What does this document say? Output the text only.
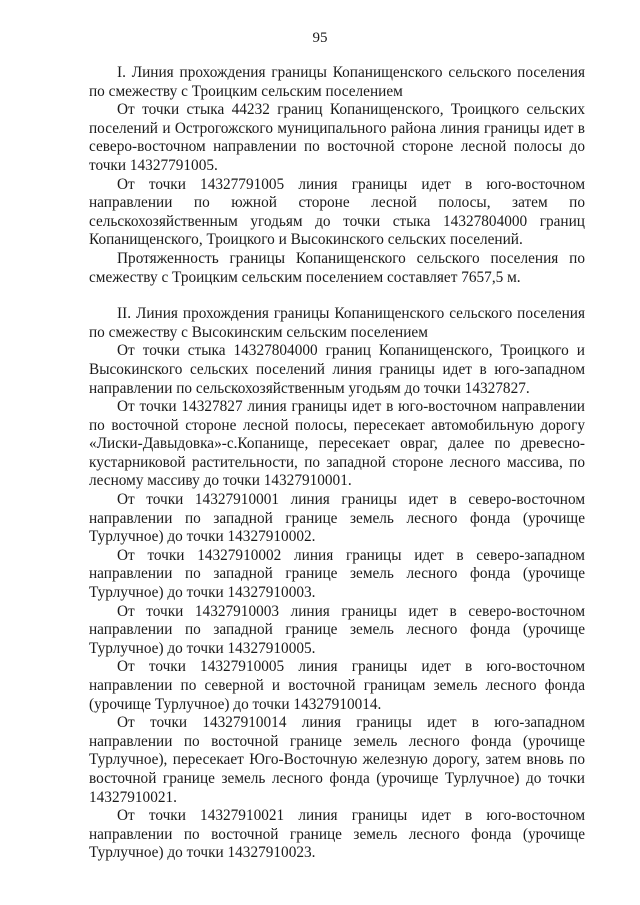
95

I. Линия прохождения границы Копанищенского сельского поселения по смежеству с Троицким сельским поселением

От точки стыка 44232 границ Копанищенского, Троицкого сельских поселений и Острогожского муниципального района линия границы идет в северо-восточном направлении по восточной стороне лесной полосы до точки 14327791005.

От точки 14327791005 линия границы идет в юго-восточном направлении по южной стороне лесной полосы, затем по сельскохозяйственным угодьям до точки стыка 14327804000 границ Копанищенского, Троицкого и Высокинского сельских поселений.

Протяженность границы Копанищенского сельского поселения по смежеству с Троицким сельским поселением составляет 7657,5 м.

II. Линия прохождения границы Копанищенского сельского поселения по смежеству с Высокинским сельским поселением

От точки стыка 14327804000 границ Копанищенского, Троицкого и Высокинского сельских поселений линия границы идет в юго-западном направлении по сельскохозяйственным угодьям до точки 14327827.

От точки 14327827 линия границы идет в юго-восточном направлении по восточной стороне лесной полосы, пересекает автомобильную дорогу «Лиски-Давыдовка»-с.Копанище, пересекает овраг, далее по древесно-кустарниковой растительности, по западной стороне лесного массива, по лесному массиву до точки 14327910001.

От точки 14327910001 линия границы идет в северо-восточном направлении по западной границе земель лесного фонда (урочище Турлучное) до точки 14327910002.

От точки 14327910002 линия границы идет в северо-западном направлении по западной границе земель лесного фонда (урочище Турлучное) до точки 14327910003.

От точки 14327910003 линия границы идет в северо-восточном направлении по западной границе земель лесного фонда (урочище Турлучное) до точки 14327910005.

От точки 14327910005 линия границы идет в юго-восточном направлении по северной и восточной границам земель лесного фонда (урочище Турлучное) до точки 14327910014.

От точки 14327910014 линия границы идет в юго-западном направлении по восточной границе земель лесного фонда (урочище Турлучное), пересекает Юго-Восточную железную дорогу, затем вновь по восточной границе земель лесного фонда (урочище Турлучное) до точки 14327910021.

От точки 14327910021 линия границы идет в юго-восточном направлении по восточной границе земель лесного фонда (урочище Турлучное) до точки 14327910023.
